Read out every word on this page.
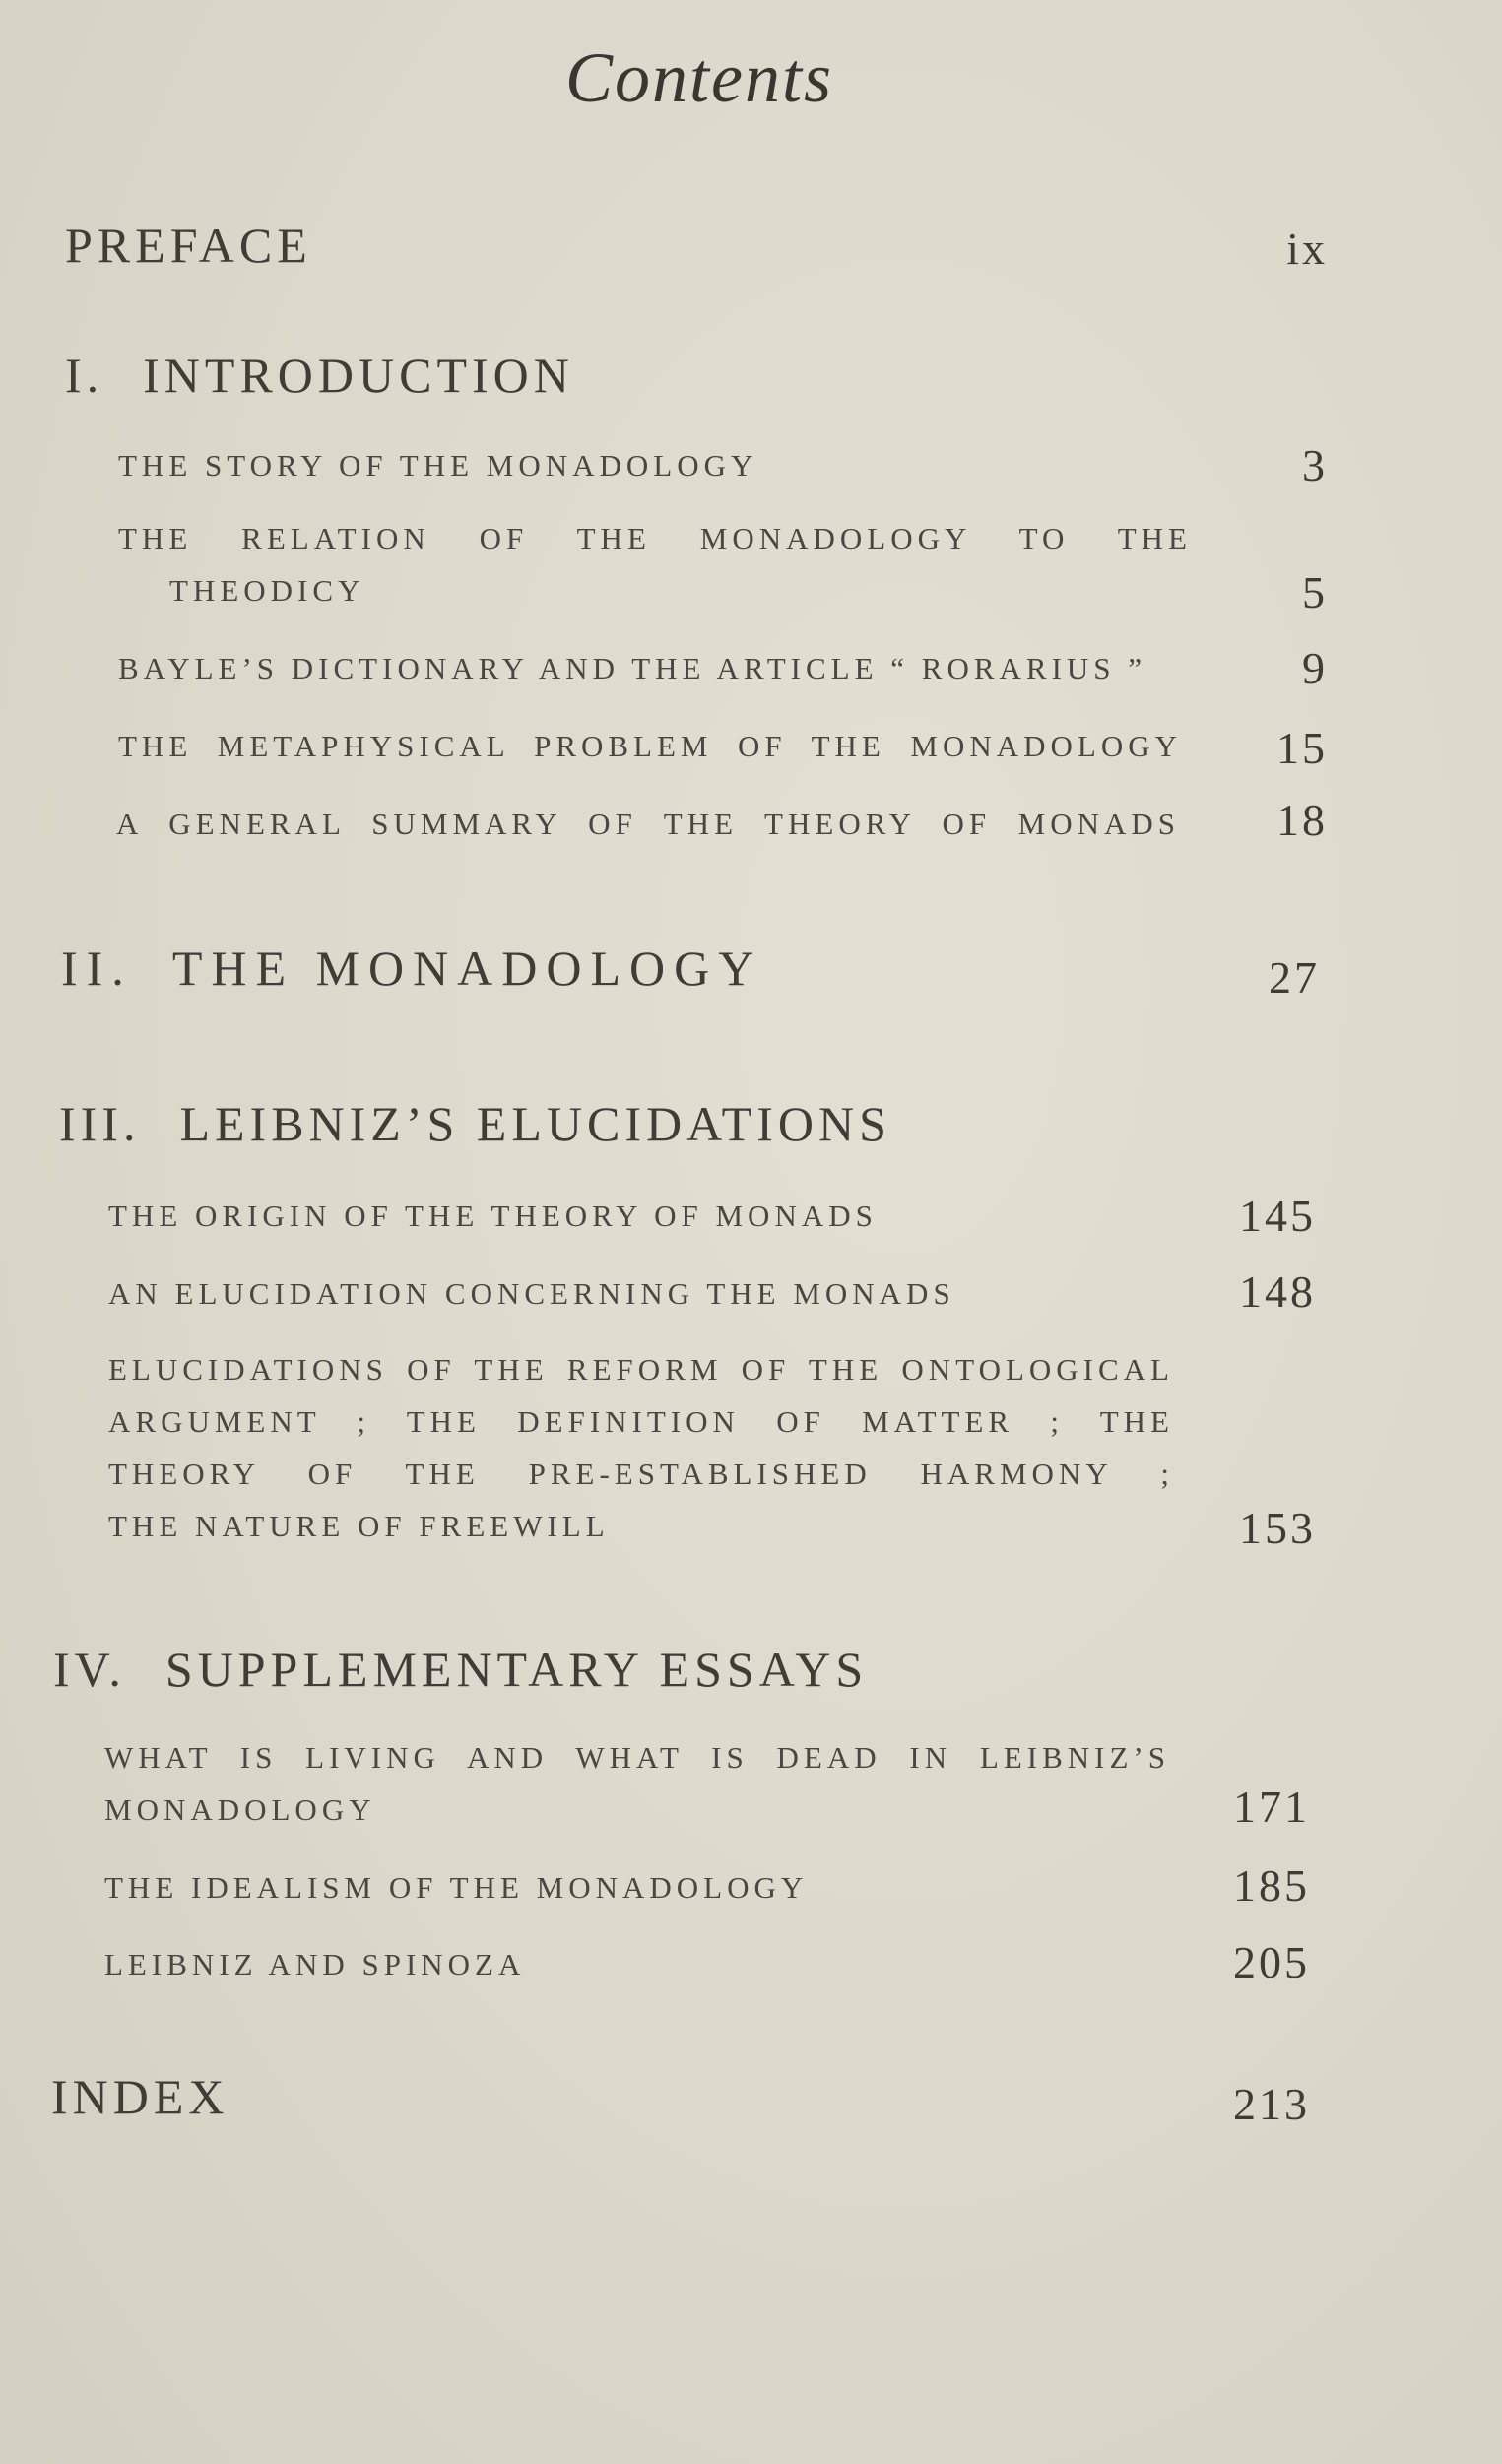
Contents
PREFACE	ix
I. INTRODUCTION
THE STORY OF THE MONADOLOGY	3
THE RELATION OF THE MONADOLOGY TO THE
THEODICY	5
BAYLE’S DICTIONARY AND THE ARTICLE “ RORARIUS ”	9
THE METAPHYSICAL PROBLEM OF THE MONADOLOGY	15
A GENERAL SUMMARY OF THE THEORY OF MONADS	18
II. THE MONADOLOGY	27
III. LEIBNIZ’S ELUCIDATIONS
THE ORIGIN OF THE THEORY OF MONADS	145
AN ELUCIDATION CONCERNING THE MONADS	148
ELUCIDATIONS OF THE REFORM OF THE ONTOLOGICAL
ARGUMENT ; THE DEFINITION OF MATTER ; THE
THEORY OF THE PRE-ESTABLISHED HARMONY ;
THE NATURE OF FREEWILL	153
IV. SUPPLEMENTARY ESSAYS
WHAT IS LIVING AND WHAT IS DEAD IN LEIBNIZ’S
MONADOLOGY	171
THE IDEALISM OF THE MONADOLOGY	185
LEIBNIZ AND SPINOZA	205
INDEX	213
